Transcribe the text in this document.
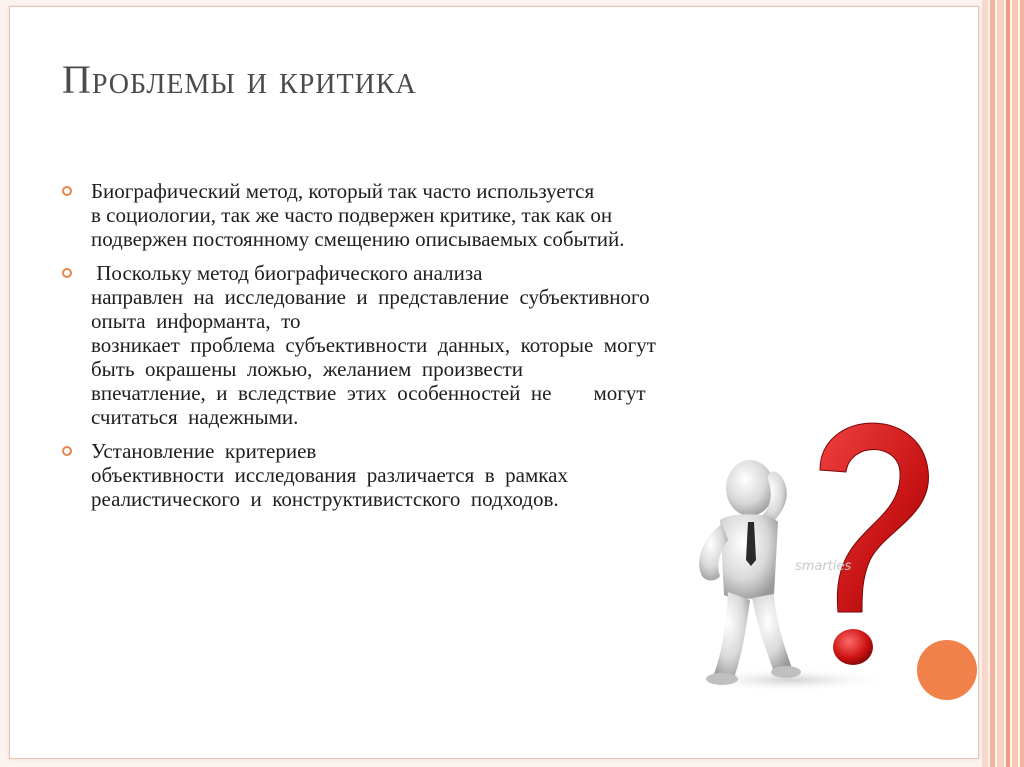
Проблемы и критика
Биографический метод, который так часто используется
в социологии, так же часто подвержен критике, так как он
подвержен постоянному смещению описываемых событий.
Поскольку метод биографического анализа
направлен  на  исследование  и  представление  субъективного
опыта  информанта,  то
возникает  проблема  субъективности  данных,  которые  могут
быть  окрашены  ложью,  желанием  произвести
впечатление,  и  вследствие  этих  особенностей  не        могут
считаться  надежными.
Установление  критериев
объективности  исследования  различается  в  рамках
реалистического  и  конструктивистского  подходов.
smarties
